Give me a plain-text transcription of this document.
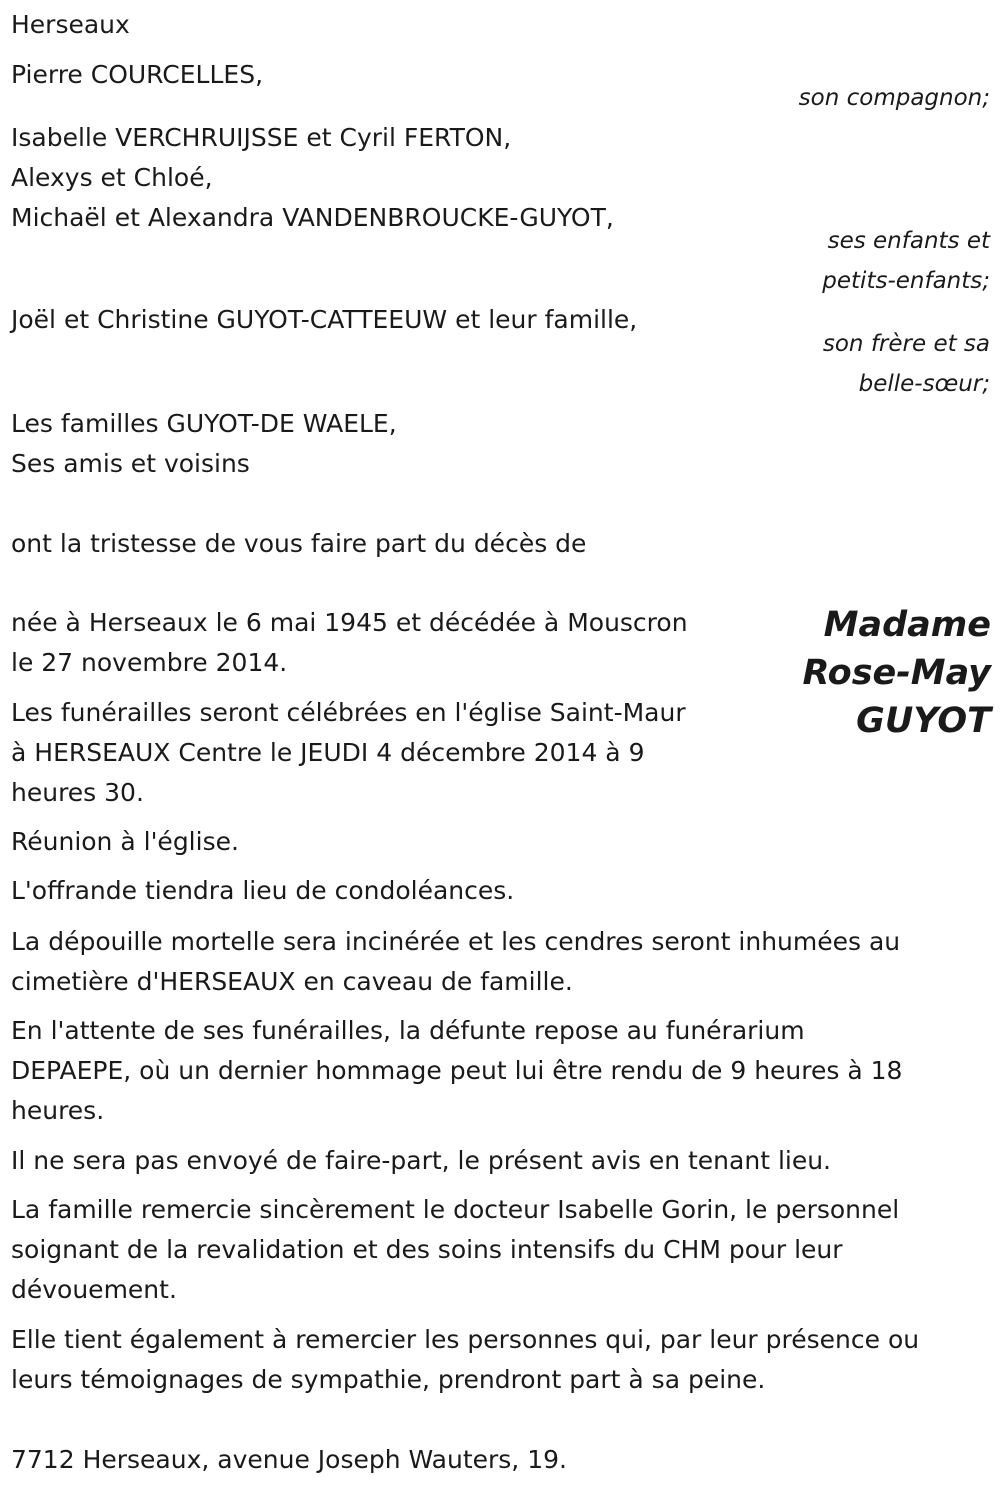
Herseaux
Pierre COURCELLES,
son compagnon;
Isabelle VERCHRUIJSSE et Cyril FERTON,
Alexys et Chloé,
Michaël et Alexandra VANDENBROUCKE-GUYOT,
ses enfants et
petits-enfants;
Joël et Christine GUYOT-CATTEEUW et leur famille,
son frère et sa
belle-sœur;
Les familles GUYOT-DE WAELE,
Ses amis et voisins
ont la tristesse de vous faire part du décès de
Madame
Rose-May
GUYOT
née à Herseaux le 6 mai 1945 et décédée à Mouscron
le 27 novembre 2014.
Les funérailles seront célébrées en l'église Saint-Maur
à HERSEAUX Centre le JEUDI 4 décembre 2014 à 9
heures 30.
Réunion à l'église.
L'offrande tiendra lieu de condoléances.
La dépouille mortelle sera incinérée et les cendres seront inhumées au
cimetière d'HERSEAUX en caveau de famille.
En l'attente de ses funérailles, la défunte repose au funérarium
DEPAEPE, où un dernier hommage peut lui être rendu de 9 heures à 18
heures.
Il ne sera pas envoyé de faire-part, le présent avis en tenant lieu.
La famille remercie sincèrement le docteur Isabelle Gorin, le personnel
soignant de la revalidation et des soins intensifs du CHM pour leur
dévouement.
Elle tient également à remercier les personnes qui, par leur présence ou
leurs témoignages de sympathie, prendront part à sa peine.
7712 Herseaux, avenue Joseph Wauters, 19.
